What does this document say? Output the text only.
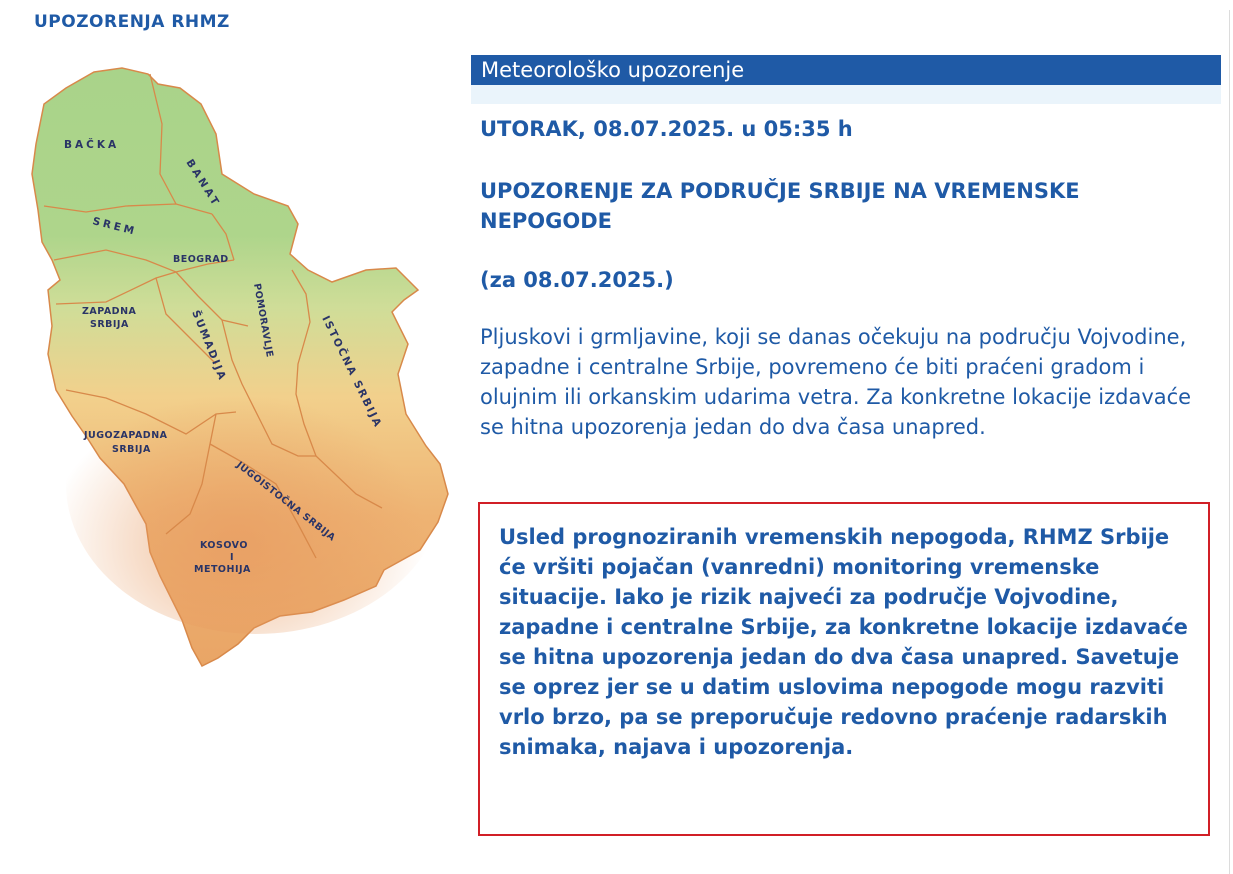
UPOZORENJA RHMZ
BAČKA
BANAT
SREM
BEOGRAD
ZAPADNA
SRBIJA	ŠUMADIJA POMORAVLJE	ISTOČNA SRBIJA
JUGOZAPADNA
SRBIJA
JUGOISTOČNA SRBIJA
KOSOVO
I
METOHIJA
Meteorološko upozorenje
UTORAK, 08.07.2025. u 05:35 h
UPOZORENJE ZA PODRUČJE SRBIJE NA VREMENSKE NEPOGODE
(za 08.07.2025.)
Pljuskovi i grmljavine, koji se danas očekuju na području Vojvodine, zapadne i centralne Srbije, povremeno će biti praćeni gradom i olujnim ili orkanskim udarima vetra. Za konkretne lokacije izdavaće se hitna upozorenja jedan do dva časa unapred.
Usled prognoziranih vremenskih nepogoda, RHMZ Srbije će vršiti pojačan (vanredni) monitoring vremenske situacije. Iako je rizik najveći za područje Vojvodine, zapadne i centralne Srbije, za konkretne lokacije izdavaće se hitna upozorenja jedan do dva časa unapred. Savetuje se oprez jer se u datim uslovima nepogode mogu razviti vrlo brzo, pa se preporučuje redovno praćenje radarskih snimaka, najava i upozorenja.
